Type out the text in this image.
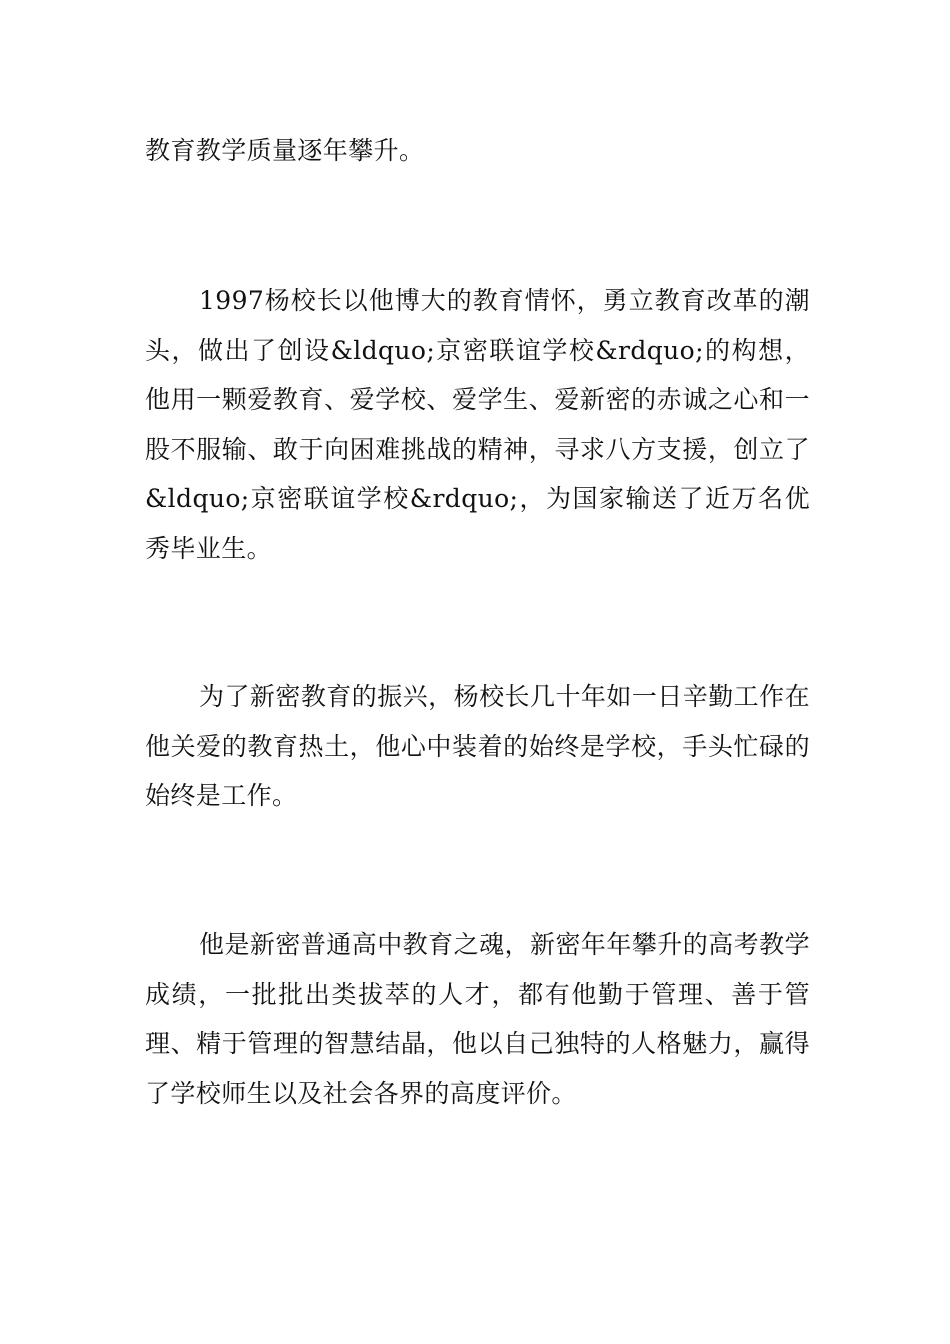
教育教学质量逐年攀升。

1997杨校长以他博大的教育情怀，勇立教育改革的潮头，做出了创设&ldquo;京密联谊学校&rdquo;的构想，他用一颗爱教育、爱学校、爱学生、爱新密的赤诚之心和一股不服输、敢于向困难挑战的精神，寻求八方支援，创立了&ldquo;京密联谊学校&rdquo;，为国家输送了近万名优秀毕业生。

为了新密教育的振兴，杨校长几十年如一日辛勤工作在他关爱的教育热土，他心中装着的始终是学校，手头忙碌的始终是工作。

他是新密普通高中教育之魂，新密年年攀升的高考教学成绩，一批批出类拔萃的人才，都有他勤于管理、善于管理、精于管理的智慧结晶，他以自己独特的人格魅力，赢得了学校师生以及社会各界的高度评价。
